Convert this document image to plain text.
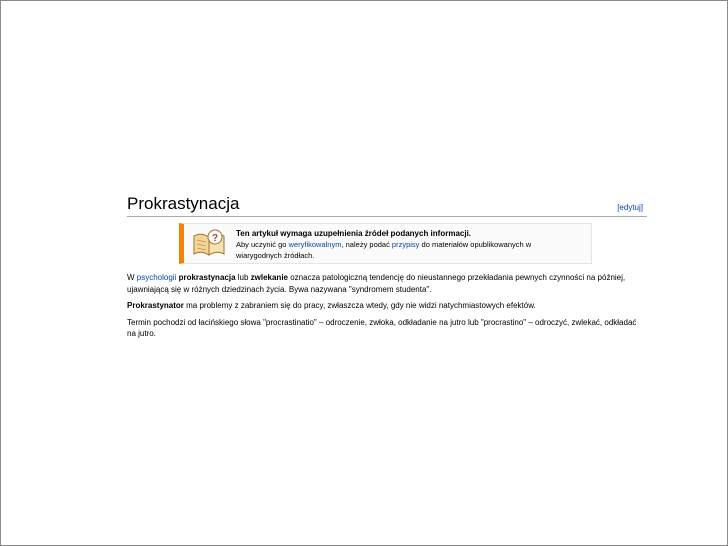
Prokrastynacja	[edytuj]
? Ten artykuł wymaga uzupełnienia źródeł podanych informacji.
Aby uczynić go weryfikowalnym, należy podać przypisy do materiałów opublikowanych w
wiarygodnych źródłach.

W psychologii prokrastynacja lub zwlekanie oznacza patologiczną tendencję do nieustannego przekładania pewnych czynności na później, ujawniającą się w różnych dziedzinach życia. Bywa nazywana "syndromem studenta".

Prokrastynator ma problemy z zabraniem się do pracy, zwłaszcza wtedy, gdy nie widzi natychmiastowych efektów.

Termin pochodzi od łacińskiego słowa "procrastinatio" – odroczenie, zwłoka, odkładanie na jutro lub "procrastino" – odroczyć, zwlekać, odkładać na jutro.
